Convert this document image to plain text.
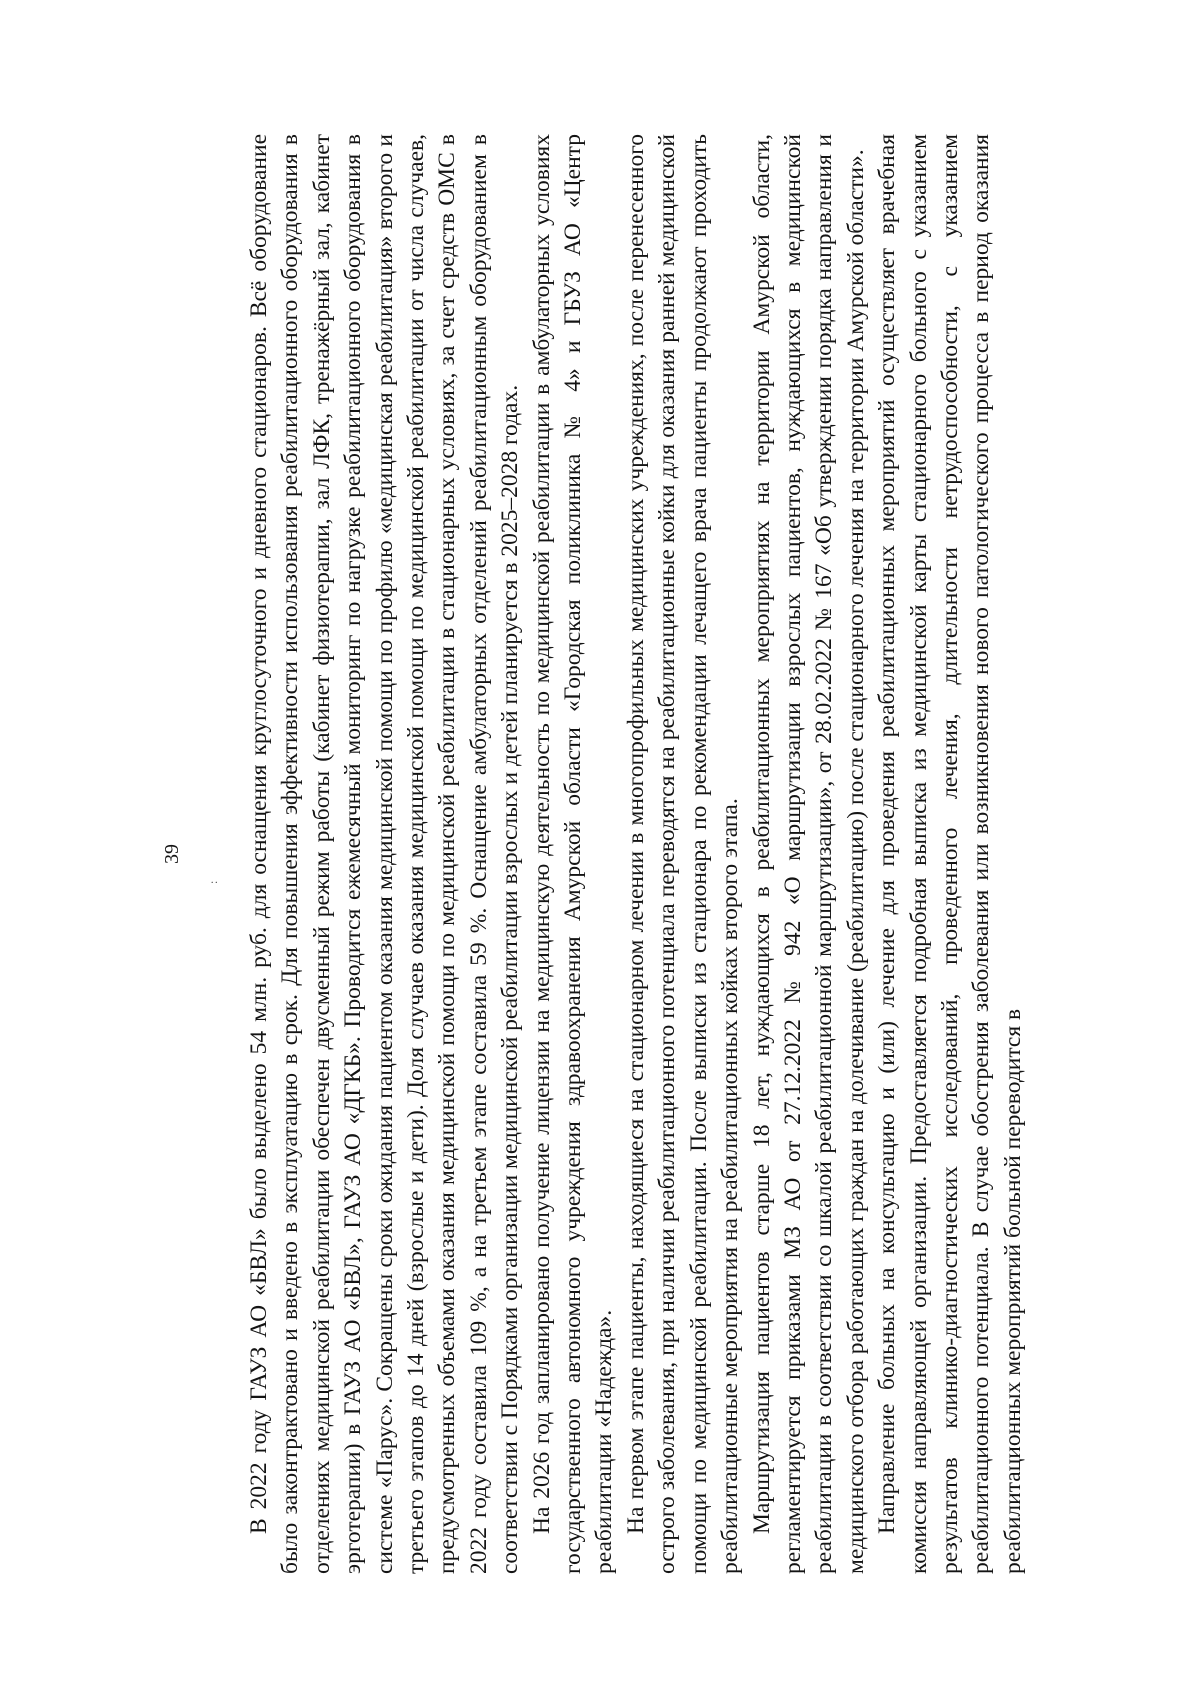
39
: В 2022 году ГАУЗ АО «БВЛ» было выделено 54 млн. руб. для оснащения круглосуточного и дневного стационаров. Всё оборудование было законтрактовано и введено в эксплуатацию в срок. Для повышения эффективности использования реабилитационного оборудования в отделениях медицинской реабилитации обеспечен двусменный режим работы (кабинет физиотерапии, зал ЛФК, тренажёрный зал, кабинет эрготерапии) в ГАУЗ АО «БВЛ», ГАУЗ АО «ДГКБ». Проводится ежемесячный мониторинг по нагрузке реабилитационного оборудования в системе «Парус». Сокращены сроки ожидания пациентом оказания медицинской помощи по профилю «медицинская реабилитация» второго и третьего этапов до 14 дней (взрослые и дети). Доля случаев оказания медицинской помощи по медицинской реабилитации от числа случаев, предусмотренных объемами оказания медицинской помощи по медицинской реабилитации в стационарных условиях, за счет средств ОМС в 2022 году составила 109 %, а на третьем этапе составила 59 %. Оснащение амбулаторных отделений реабилитационным оборудованием в соответствии с Порядками организации медицинской реабилитации взрослых и детей планируется в 2025–2028 годах. На 2026 год запланировано получение лицензии на медицинскую деятельность по медицинской реабилитации в амбулаторных условиях государственного автономного учреждения здравоохранения Амурской области «Городская поликлиника № 4» и ГБУЗ АО «Центр реабилитации «Надежда». На первом этапе пациенты, находящиеся на стационарном лечении в многопрофильных медицинских учреждениях, после перенесенного острого заболевания, при наличии реабилитационного потенциала переводятся на реабилитационные койки для оказания ранней медицинской помощи по медицинской реабилитации. После выписки из стационара по рекомендации лечащего врача пациенты продолжают проходить реабилитационные мероприятия на реабилитационных койках второго этапа. Маршрутизация пациентов старше 18 лет, нуждающихся в реабилитационных мероприятиях на территории Амурской области, регламентируется приказами МЗ АО от 27.12.2022 № 942 «О маршрутизации взрослых пациентов, нуждающихся в медицинской реабилитации в соответствии со шкалой реабилитационной маршрутизации», от 28.02.2022 № 167 «Об утверждении порядка направления и медицинского отбора работающих граждан на долечивание (реабилитацию) после стационарного лечения на территории Амурской области». Направление больных на консультацию и (или) лечение для проведения реабилитационных мероприятий осуществляет врачебная комиссия направляющей организации. Предоставляется подробная выписка из медицинской карты стационарного больного с указанием результатов клинико-диагностических исследований, проведенного лечения, длительности нетрудоспособности, с указанием реабилитационного потенциала. В случае обострения заболевания или возникновения нового патологического процесса в период оказания реабилитационных мероприятий больной переводится в
